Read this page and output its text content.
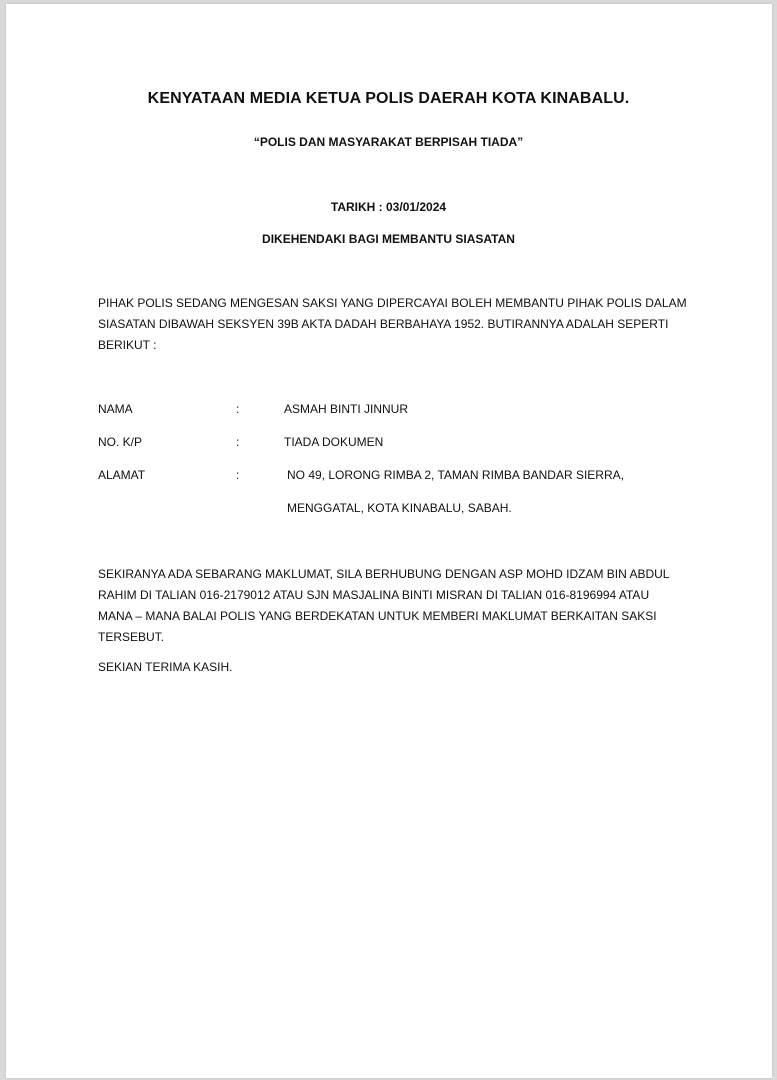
KENYATAAN MEDIA KETUA POLIS DAERAH KOTA KINABALU.
“POLIS DAN MASYARAKAT BERPISAH TIADA”
TARIKH : 03/01/2024
DIKEHENDAKI BAGI MEMBANTU SIASATAN
PIHAK POLIS SEDANG MENGESAN SAKSI YANG DIPERCAYAI BOLEH MEMBANTU PIHAK POLIS DALAM
SIASATAN DIBAWAH SEKSYEN 39B AKTA DADAH BERBAHAYA 1952. BUTIRANNYA ADALAH SEPERTI
BERIKUT :
NAMA	:	ASMAH BINTI JINNUR
NO. K/P	:	TIADA DOKUMEN
ALAMAT	:	NO 49, LORONG RIMBA 2, TAMAN RIMBA BANDAR SIERRA,
MENGGATAL, KOTA KINABALU, SABAH.
SEKIRANYA ADA SEBARANG MAKLUMAT, SILA BERHUBUNG DENGAN ASP MOHD IDZAM BIN ABDUL
RAHIM DI TALIAN 016-2179012 ATAU SJN MASJALINA BINTI MISRAN DI TALIAN 016-8196994 ATAU
MANA – MANA BALAI POLIS YANG BERDEKATAN UNTUK MEMBERI MAKLUMAT BERKAITAN SAKSI
TERSEBUT.
SEKIAN TERIMA KASIH.
